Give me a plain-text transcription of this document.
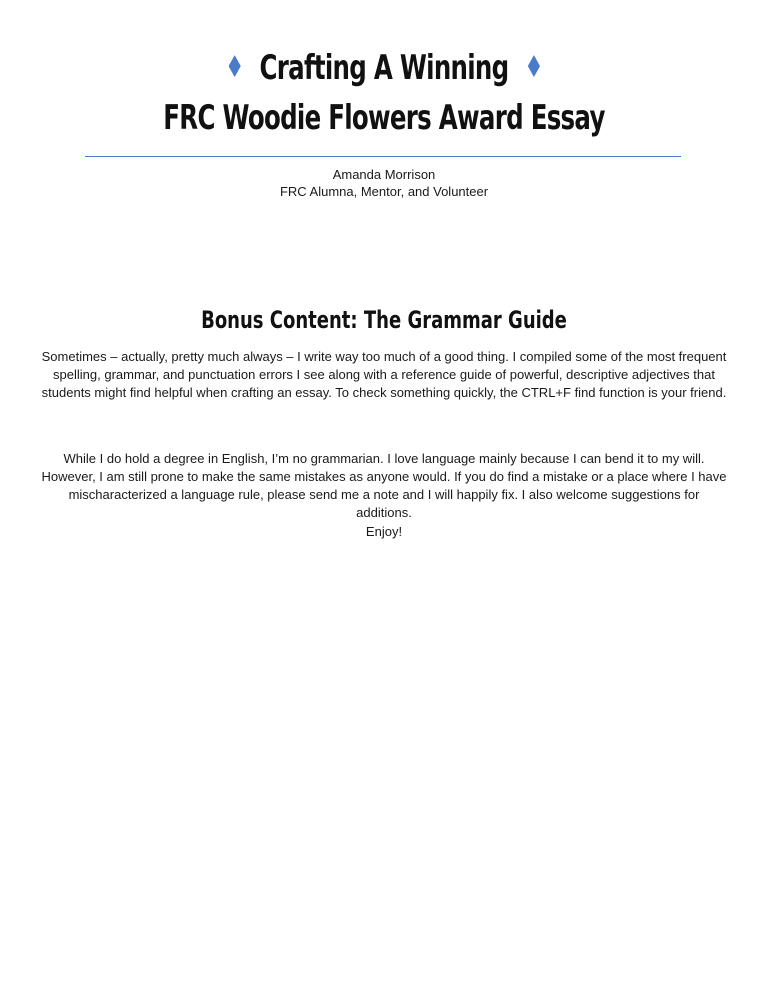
♦ Crafting A Winning ♦
FRC Woodie Flowers Award Essay
Amanda Morrison
FRC Alumna, Mentor, and Volunteer
Bonus Content: The Grammar Guide
Sometimes – actually, pretty much always – I write way too much of a good thing. I compiled some of the most frequent spelling, grammar, and punctuation errors I see along with a reference guide of powerful, descriptive adjectives that students might find helpful when crafting an essay. To check something quickly, the CTRL+F find function is your friend.
While I do hold a degree in English, I’m no grammarian. I love language mainly because I can bend it to my will. However, I am still prone to make the same mistakes as anyone would. If you do find a mistake or a place where I have mischaracterized a language rule, please send me a note and I will happily fix. I also welcome suggestions for additions.
Enjoy!
